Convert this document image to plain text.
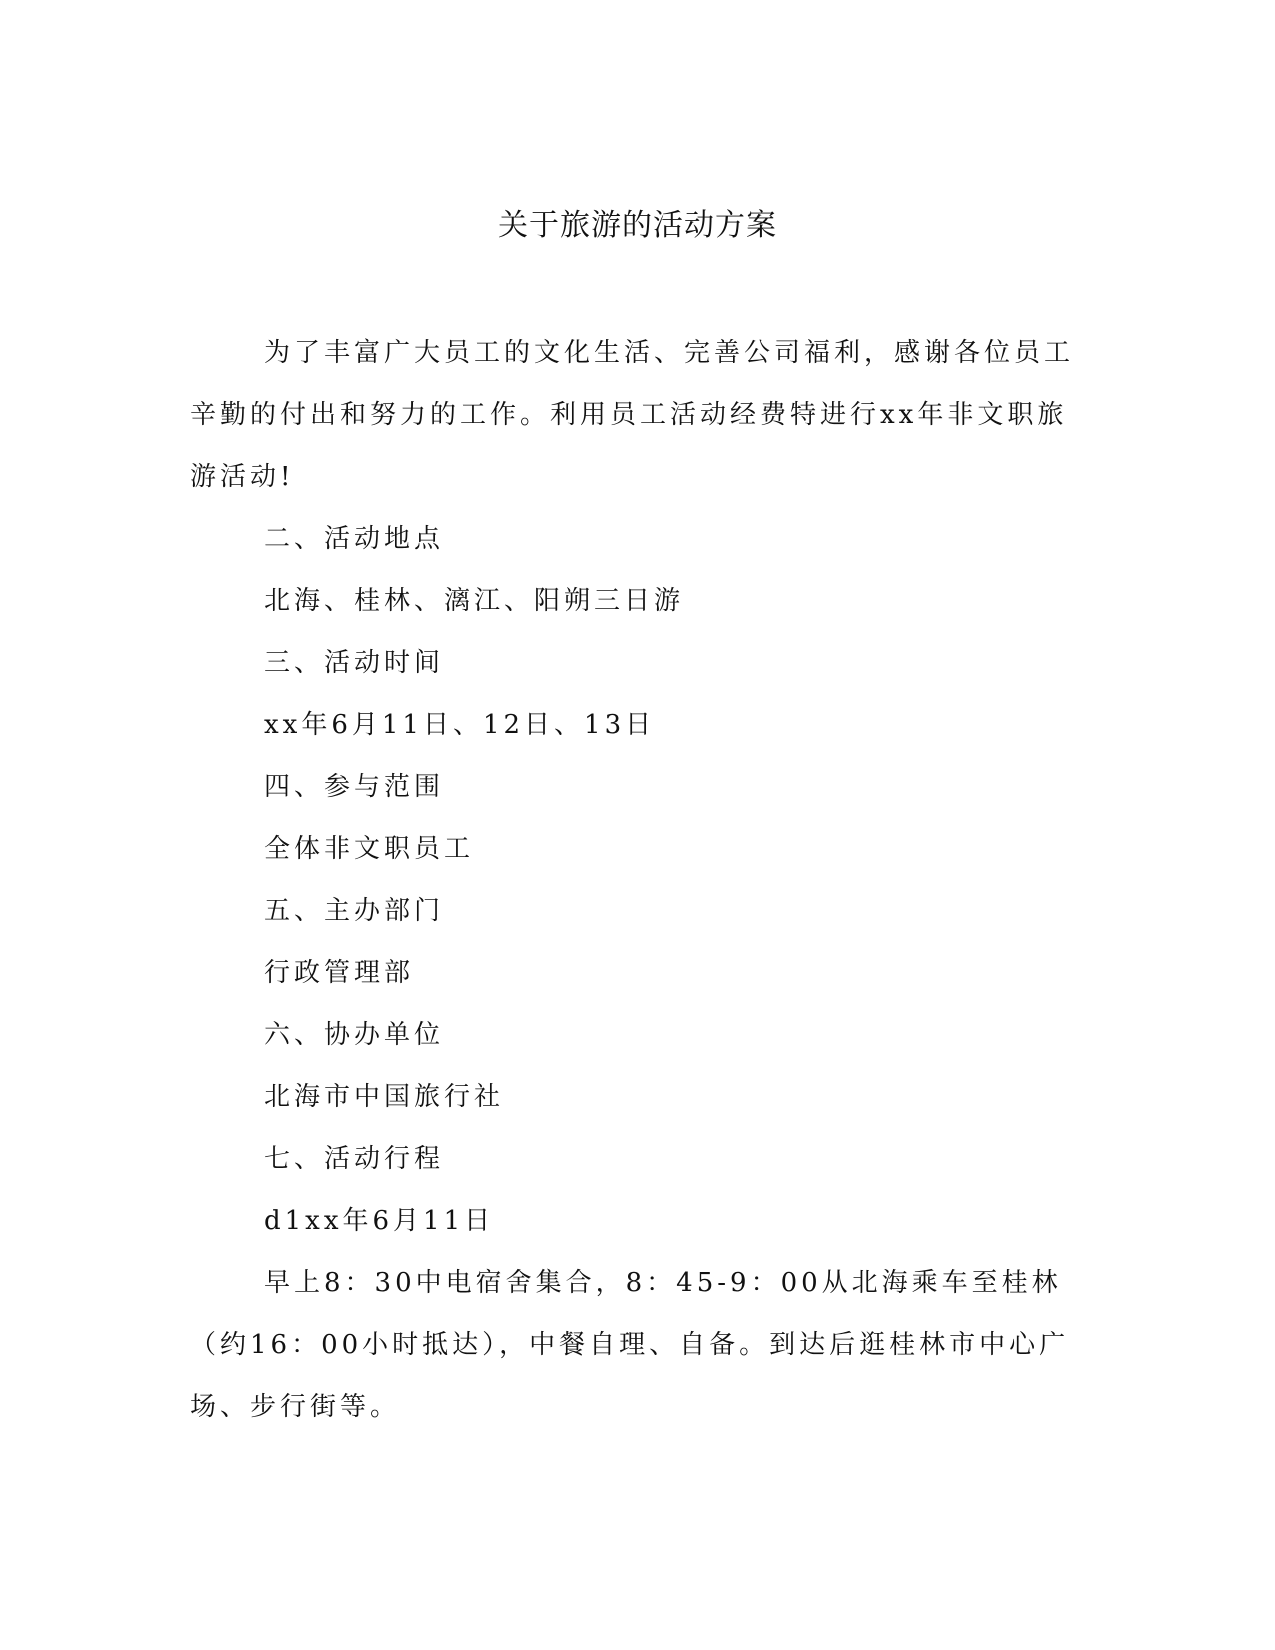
关于旅游的活动方案

为了丰富广大员工的文化生活、完善公司福利，感谢各位员工辛勤的付出和努力的工作。利用员工活动经费特进行xx年非文职旅游活动!

二、活动地点

北海、桂林、漓江、阳朔三日游

三、活动时间

xx年6月11日、12日、13日

四、参与范围

全体非文职员工

五、主办部门

行政管理部

六、协办单位

北海市中国旅行社

七、活动行程

d1xx年6月11日

早上8：30中电宿舍集合，8：45-9：00从北海乘车至桂林（约16：00小时抵达），中餐自理、自备。到达后逛桂林市中心广场、步行街等。
